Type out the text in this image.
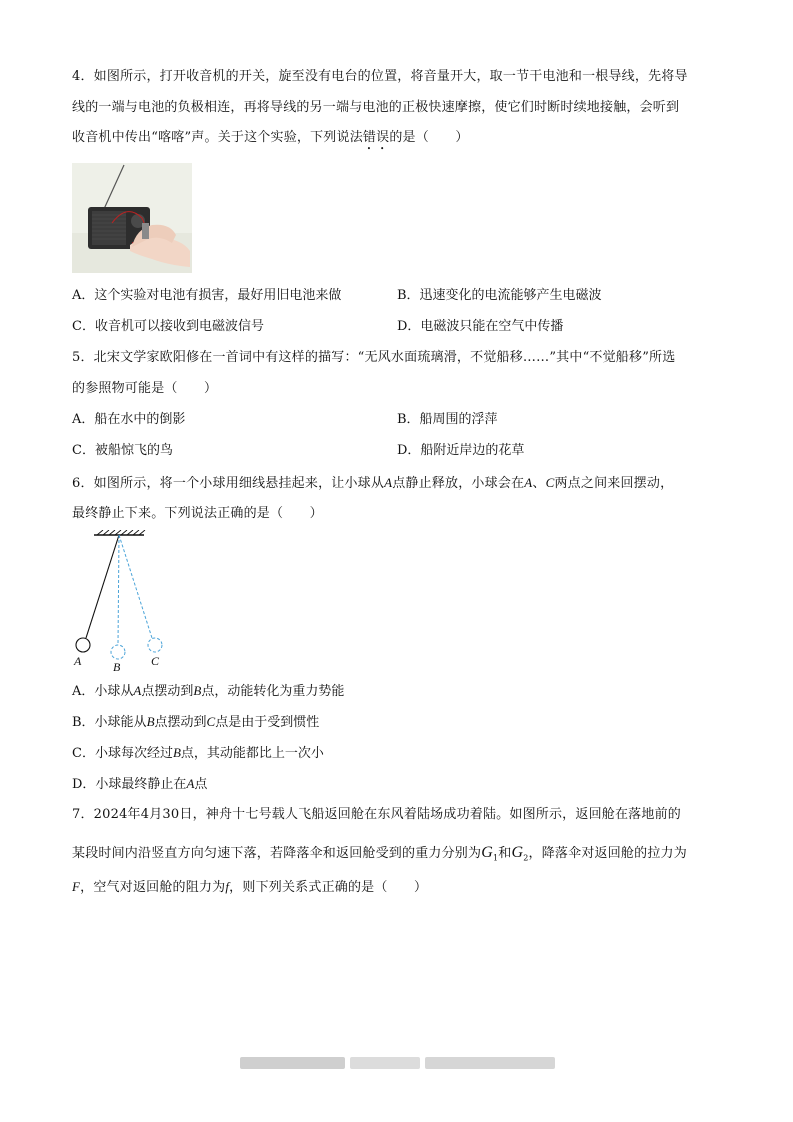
4．如图所示，打开收音机的开关，旋至没有电台的位置，将音量开大，取一节干电池和一根导线，先将导
线的一端与电池的负极相连，再将导线的另一端与电池的正极快速摩擦，使它们时断时续地接触，会听到
收音机中传出“喀喀”声。关于这个实验，下列说法错误的是（　　）
A．这个实验对电池有损害，最好用旧电池来做	B．迅速变化的电流能够产生电磁波
C．收音机可以接收到电磁波信号	D．电磁波只能在空气中传播
5．北宋文学家欧阳修在一首词中有这样的描写：“无风水面琉璃滑，不觉船移……”其中“不觉船移”所选
的参照物可能是（　　）
A．船在水中的倒影	B．船周围的浮萍
C．被船惊飞的鸟	D．船附近岸边的花草
6．如图所示，将一个小球用细线悬挂起来，让小球从A点静止释放，小球会在A、C两点之间来回摆动，
最终静止下来。下列说法正确的是（　　）
A	B	C
A．小球从A点摆动到B点，动能转化为重力势能
B．小球能从B点摆动到C点是由于受到惯性
C．小球每次经过B点，其动能都比上一次小
D．小球最终静止在A点
7．2024年4月30日，神舟十七号载人飞船返回舱在东风着陆场成功着陆。如图所示，返回舱在落地前的
某段时间内沿竖直方向匀速下落，若降落伞和返回舱受到的重力分别为$G_1$和$G_2$，降落伞对返回舱的拉力为
F，空气对返回舱的阻力为f，则下列关系式正确的是（　　）
